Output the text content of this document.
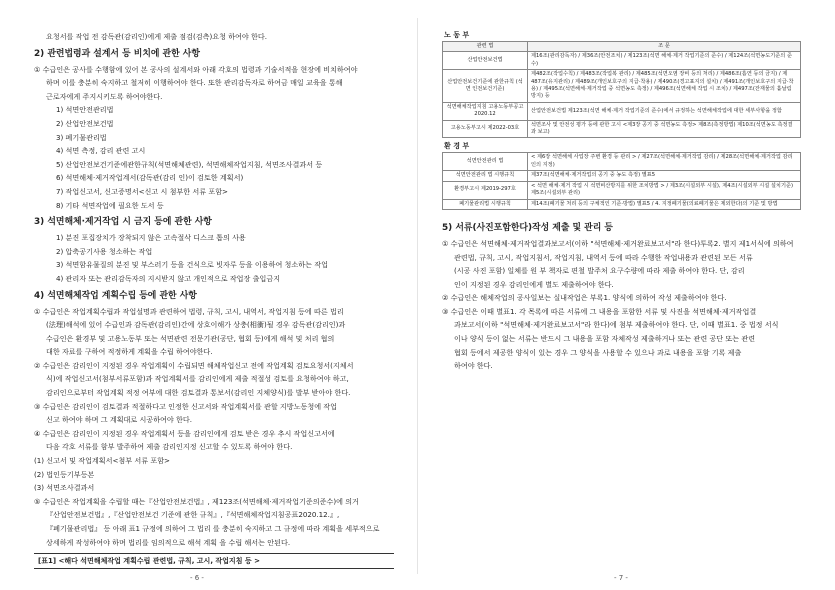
요청서를 작업 전 감독관(감리인)에게 제출 점검(검측)요청 하여야 한다.

2) 관련법령과 설계서 등 비치에 관한 사항

① 수급인은 공사를 수행함에 있어 본 공사의 설계서와 아래 각호의 법령과 기술서적을 현장에 비치하여야

하며 이를 충분히 숙지하고 철저히 이행하여야 한다. 또한 관리감독자로 하여금 매일 교육을 통해

근로자에게 주지시키도록 하여야한다.

1) 석면안전관리법

2) 산업안전보건법

3) 폐기물관리법

4) 석면 측정, 감리 관련 고시

5) 산업안전보건기준에관한규칙(석면해체관련), 석면해체작업지침, 석면조사결과서 등

6) 석면해체·제거작업계서(감독관(감리 인)이 검토한 계획서)

7) 작업신고서, 신고증명서<신고 시 첨부한 서류 포함>

8) 기타 석면작업에 필요한 도서 등

3) 석면해체·제거작업 시 금지 등에 관한 사항

1) 분진 포집장치가 장착되지 않은 고속절삭 디스크 톱의 사용

2) 압축공기사용 청소하는 작업

3) 석면함유물질의 분진 및 부스러기 등을 건식으로 빗자루 등을 이용하여 청소하는 작업

4) 관리자 또는 관리감독자의 지시받지 않고 개인적으로 작업장 출입금지

4) 석면해체작업 계획수립 등에 관한 사항

① 수급인은 작업계획수립과 작업설명과 관련하여 법령, 규칙, 고시, 내역서, 작업지침 등에 따른 법리

(法理)해석에 있어 수급인과 감독관(감리인)간에 상호이해가 상충(相衝)될 경우 감독관(감리인)과

수급인은 환경부 및 고용노동부 또는 석면관련 전문기관(공단, 협회 등)에게 해석 및 처리 협의

대한 자료를 구하여 적정하게 계획을 수립 하여야한다.

② 수급인은 감리인이 지정된 경우 작업계획이 수립되면 해체작업신고 전에 작업계획 검토요청서(지체서

식)에 작업신고서(첨부서류포함)과 작업계획서를 감리인에게 제출 적절성 검토를 요청하여야 하고,

감리인으로부터 작업계획 적정 여부에 대한 검토결과 통보서(감리인 지체양식)를 발부 받아야 한다.

③ 수급인은 감리인이 검토결과 적절하다고 인정한 신고서와 작업계획서를 관할 지방노동청에 작업

신고 하여야 하며 그 계획대로 시공하여야 한다.

④ 수급인은 감리인이 지정된 경우 작업계획서 등을 감리인에게 검토 받은 경우 추시 작업신고서에

다음 각호 서류를 함부 발주하여 제출 감리인지정 신고할 수 있도록 하여야 한다.

(1) 신고서 및 작업계획서<첨부 서류 포함>

(2) 법인등기부등본

(3) 석면조사결과서

⑤ 수급인은 작업계획을 수립할 때는『산업안전보건법』, 제123조(석면해체·제거작업기준의준수)에 의거

『산업안전보건법』,『산업안전보건 기준에 관한 규칙』,『석면해체작업지침공표2020.12.』,

『폐기물관리법』 등 아래 표1 규정에 의하여 그 법리 를 충분히 숙지하고 그 규정에 따라 계획을 세부적으로

상세하게 작성하여야 하며 법리를 임의적으로 해석 계획 을 수립 해서는 안된다.

[표1] <해다 석면해체작업 계획수립 관련법, 규칙, 고시, 작업지침 등 >
- 6 -
노 동 부
관련 법	조 문
산업안전보건법	제16조(관리감독자) / 제36조(안전조치) / 제123조(석면 해체·제거 작업기준의 준수) / 제124조(석면농도기준의 준수)
산업안전보건기준에 관한규칙 (석면 인전보건기준)	제482조(작업수칙) / 제483조(작업복 관리) / 제485조(석면오염 장비 등의 처리) / 제486조(흡연 등의 금지) / 제487조(유지관리) / 제489조(개인보호구의 지급·착용) / 제490조(경고표지의 설치) / 제491조(개인보호구의 지급·착용) / 제495조(석면해체·제거작업 중 석면농도 측정) / 제496조(석면해체 작업 시 조치) / 제497조(잔재물의 흩날림 방지) 등
석면해체작업지침 고용노동부공고2020.12	산업안전보건법 제123조(석면 해체·제거 작업기준의 준수)에서 규정하는 석면해체작업에 대한 세부사항을 정함
고용노동부고시 제2022-03호	석면조사 및 안전성 평가 등에 관한 고시 <제3장 공기 중 석면농도 측정> 제8조(측정방법) 제10조(석면농도 측정결과 보고)
환 경 부
석면안전관리 법	< 제6장 석면해체 사업장 주변 환경 등 관리 > / 제27조(석면해체·제거작업 감리) / 제28조(석면해체·제거작업 감리인의 지정)
석면안전관리 법 시행규칙	제37조(석면해체·제거작업의 공기 중 농도 측정) 별표5
환경부고시 제2019-297호	< 석면 해체·제거 작업 시 석면비산방지를 위한 조치방법 > / 제3조(시설외부 시설), 제4조(시설외부 시설 설치기준) 제5조(시설외부 관리)
폐기물관리법 시행규칙	제14조(폐기물 처리 등의 구체적인 기준·방법) 별표5 / 4. 지정폐기물(의료폐기물은 제외한다)의 기준 및 방법
5) 서류(사진포함한다)작성 제출 및 관리 등

① 수급인은 석면해체·제거작업결과보고서(이하 "석면해체·제거완료보고서"라 한다)투록2. 별지 제1서식에 의하여

관련법, 규칙, 고시, 작업지침서, 작업지침, 내역서 등에 따라 수행한 작업내용과 관련된 모든 서류

(시공 사진 포함) 일체를 원 부 책자로 편철 발주처 요구수량에 따라 제출 하여야 한다. 단, 감리

인이 지정된 경우 감리인에게 별도 제출하여야 한다.

② 수급인은 해체작업의 공사일보는 실내작업은 부록1. 양식에 의하여 작성 제출하여야 한다.

③ 수급인은 이때 별표1. 각 목록에 따른 서류에 그 내용을 포함한 서류 및 사진을 석면해체·제거작업결

과보고서(이하 "석면해체·제거완료보고서"라 한다)에 첨부 제출하여야 한다. 단, 이때 별표1. 중 법정 서식

이나 양식 등이 없는 서류는 반드시 그 내용을 포함 자체작성 제출하거나 또는 관련 공단 또는 관련

협회 등에서 제공한 양식이 있는 경우 그 양식을 사용할 수 있으나 과로 내용을 포함 기록 제출

하여야 한다.

- 7 -
